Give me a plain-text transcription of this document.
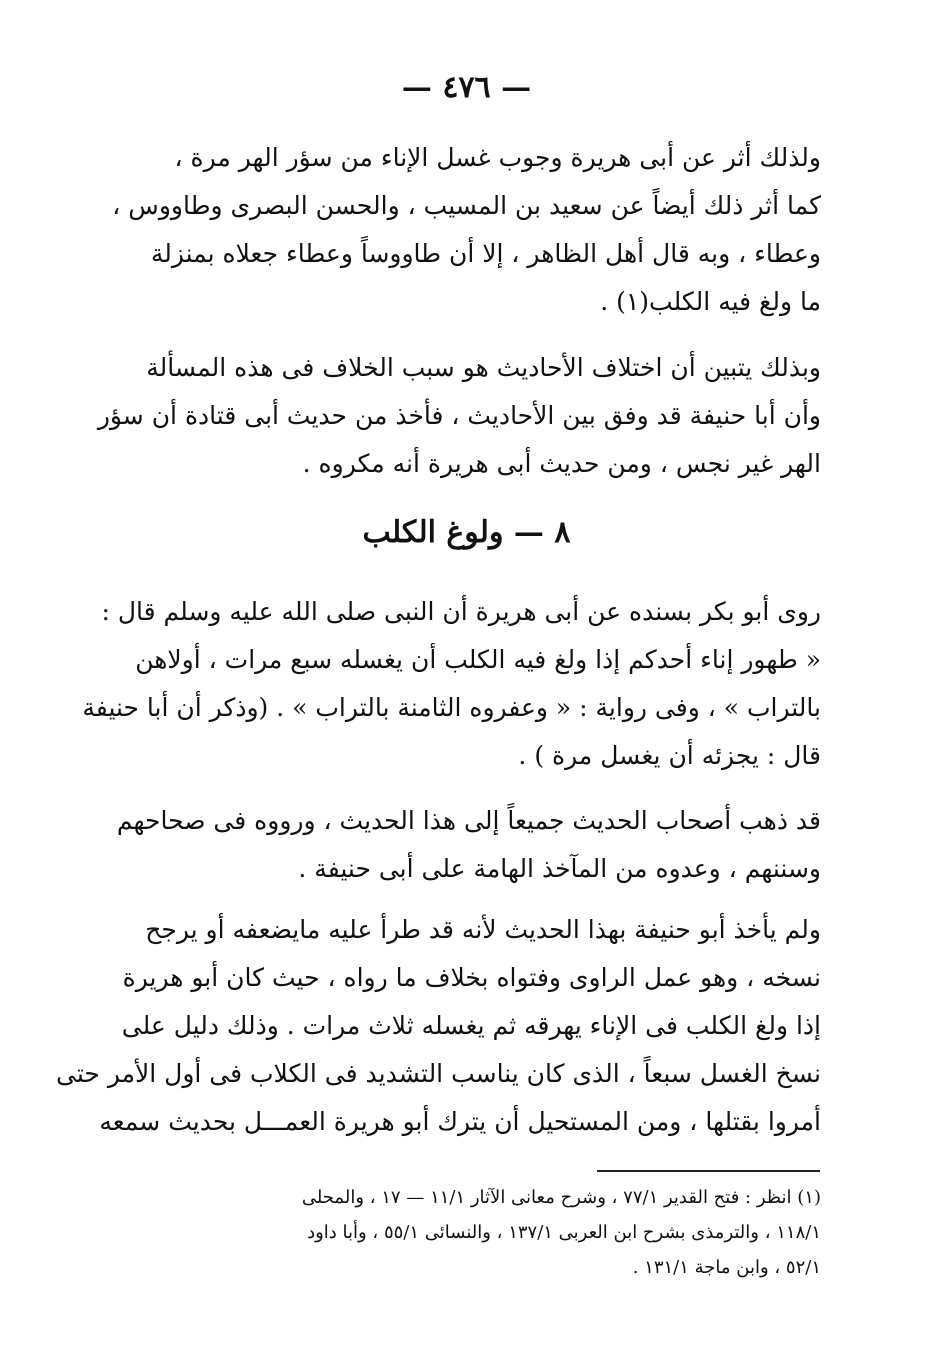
— ٤٧٦ —
ولذلك أثر عن أبى هريرة وجوب غسل الإناء من سؤر الهر مرة ،
كما أثر ذلك أيضاً عن سعيد بن المسيب ، والحسن البصرى وطاووس ،
وعطاء ، وبه قال أهل الظاهر ، إلا أن طاووساً وعطاء جعلاه بمنزلة
ما ولغ فيه الكلب(١) .
وبذلك يتبين أن اختلاف الأحاديث هو سبب الخلاف فى هذه المسألة
وأن أبا حنيفة قد وفق بين الأحاديث ، فأخذ من حديث أبى قتادة أن سؤر
الهر غير نجس ، ومن حديث أبى هريرة أنه مكروه .
٨ — ولوغ الكلب
روى أبو بكر بسنده عن أبى هريرة أن النبى صلى الله عليه وسلم قال :
« طهور إناء أحدكم إذا ولغ فيه الكلب أن يغسله سبع مرات ، أولاهن
بالتراب » ، وفى رواية : « وعفروه الثامنة بالتراب » . (وذكر أن أبا حنيفة
قال : يجزئه أن يغسل مرة ) .
قد ذهب أصحاب الحديث جميعاً إلى هذا الحديث ، ورووه فى صحاحهم
وسننهم ، وعدوه من المآخذ الهامة على أبى حنيفة .
ولم يأخذ أبو حنيفة بهذا الحديث لأنه قد طرأ عليه مايضعفه أو يرجح
نسخه ، وهو عمل الراوى وفتواه بخلاف ما رواه ، حيث كان أبو هريرة
إذا ولغ الكلب فى الإناء يهرقه ثم يغسله ثلاث مرات . وذلك دليل على
نسخ الغسل سبعاً ، الذى كان يناسب التشديد فى الكلاب فى أول الأمر حتى
أمروا بقتلها ، ومن المستحيل أن يترك أبو هريرة العمـــل بحديث سمعه
(١) انظر : فتح القدير ٧٧/١ ، وشرح معانى الآثار ١١/١ — ١٧ ، والمحلى
١١٨/١ ، والترمذى بشرح ابن العربى ١٣٧/١ ، والنسائى ٥٥/١ ، وأبا داود
٥٢/١ ، وابن ماجة ١٣١/١ .
